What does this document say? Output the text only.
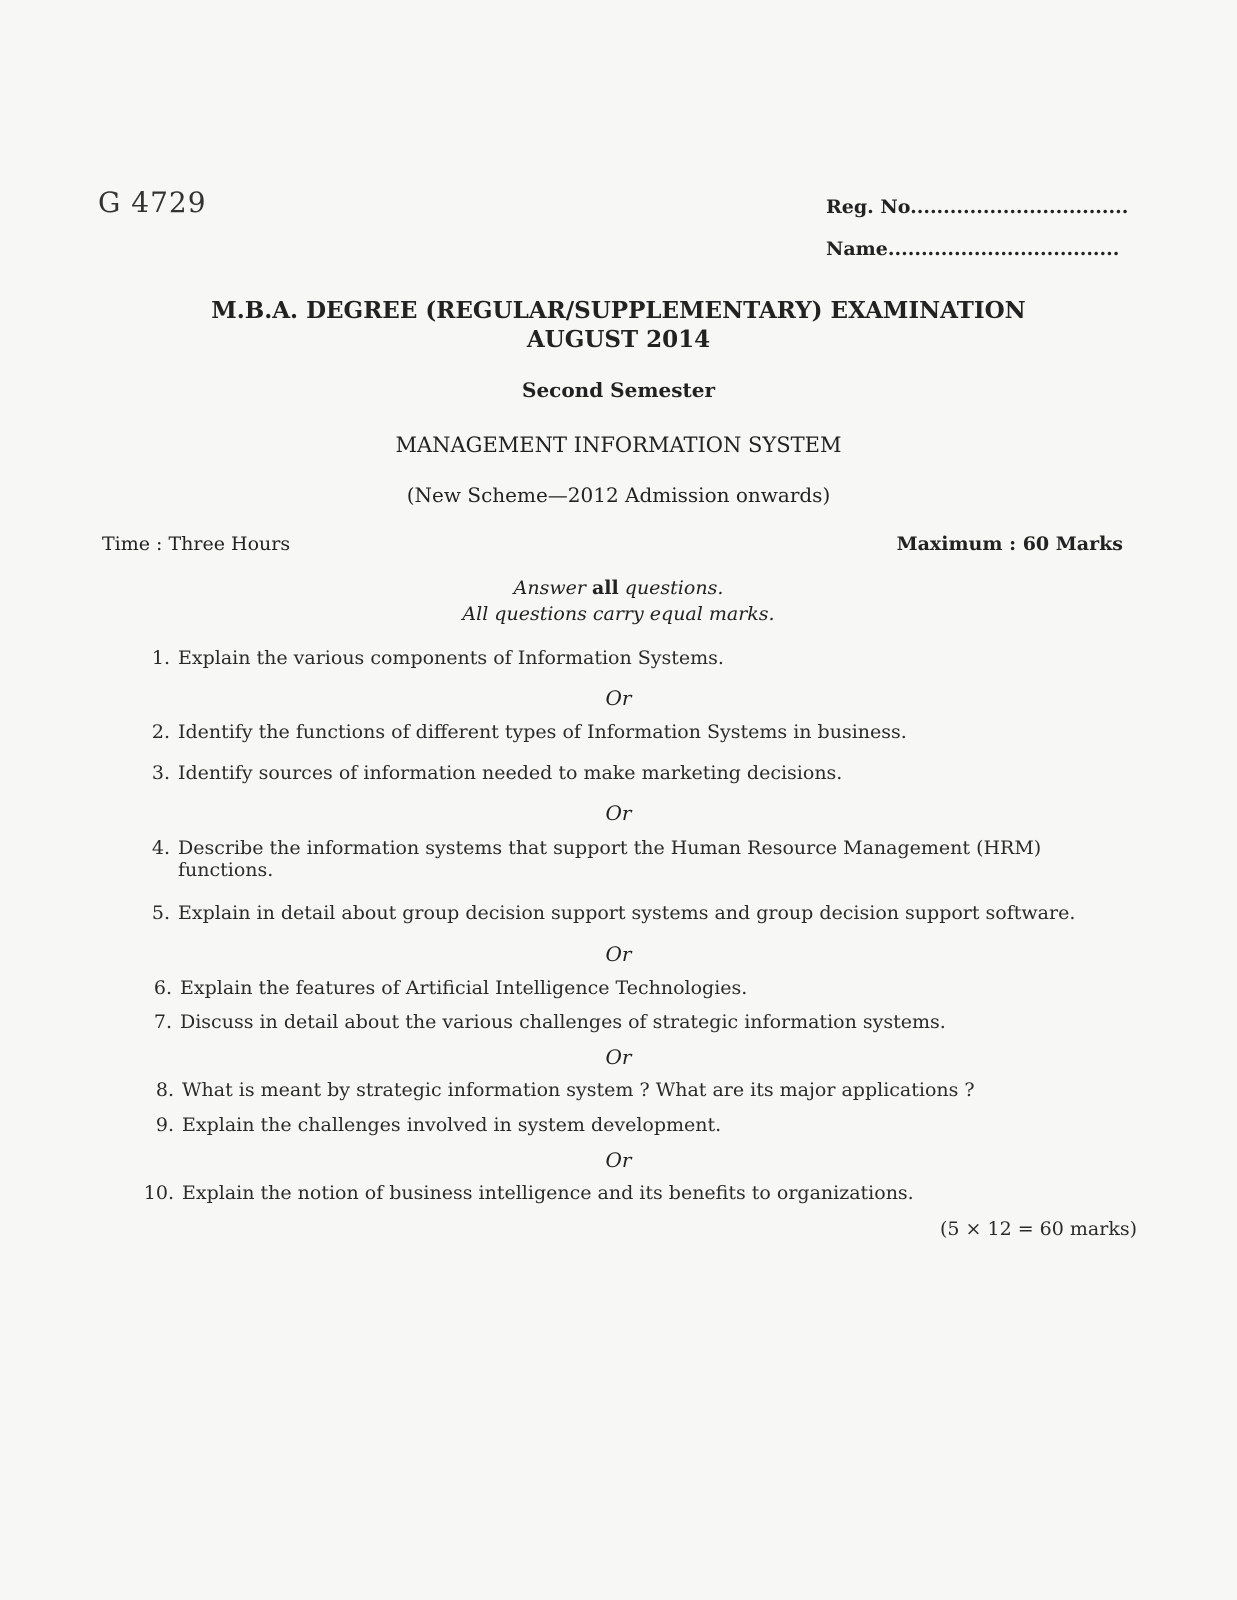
G 4729	Reg. No.................................
Name...................................
M.B.A. DEGREE (REGULAR/SUPPLEMENTARY) EXAMINATION
AUGUST 2014
Second Semester
MANAGEMENT INFORMATION SYSTEM
(New Scheme—2012 Admission onwards)
Time : Three Hours	Maximum : 60 Marks
Answer all questions.
All questions carry equal marks.
1. Explain the various components of Information Systems.
Or
2. Identify the functions of different types of Information Systems in business.
3. Identify sources of information needed to make marketing decisions.
Or
4. Describe the information systems that support the Human Resource Management (HRM)
functions.
5. Explain in detail about group decision support systems and group decision support software.
Or
6. Explain the features of Artificial Intelligence Technologies.
7. Discuss in detail about the various challenges of strategic information systems.
Or
8. What is meant by strategic information system ? What are its major applications ?
9. Explain the challenges involved in system development.
Or
10. Explain the notion of business intelligence and its benefits to organizations.
(5 × 12 = 60 marks)
